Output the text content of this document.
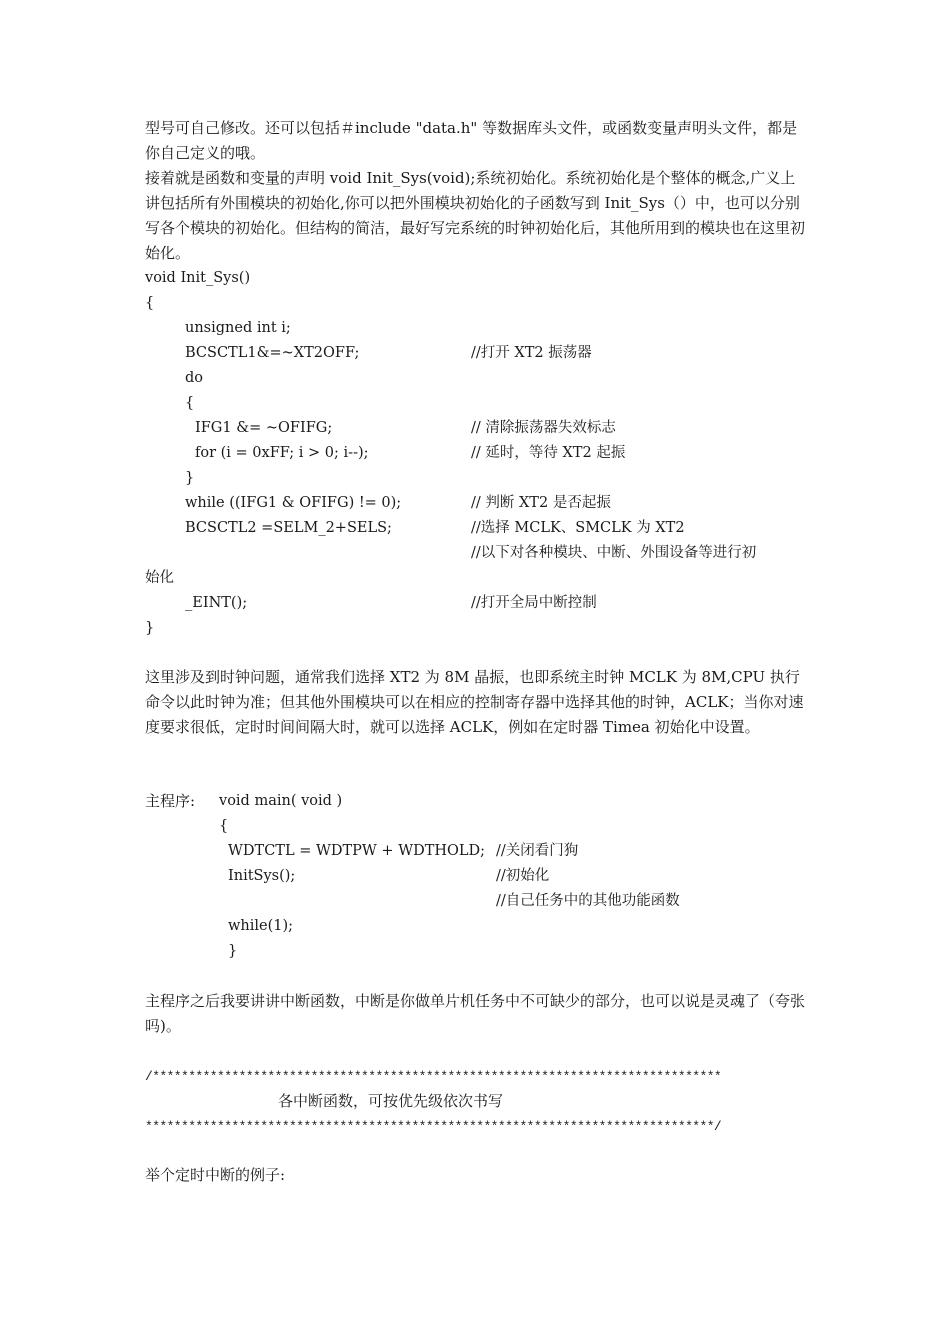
型号可自己修改。还可以包括＃include "data.h" 等数据库头文件，或函数变量声明头文件，都是你自己定义的哦。

接着就是函数和变量的声明 void Init_Sys(void);系统初始化。系统初始化是个整体的概念,广义上讲包括所有外围模块的初始化,你可以把外围模块初始化的子函数写到 Init_Sys（）中，也可以分别写各个模块的初始化。但结构的简洁，最好写完系统的时钟初始化后，其他所用到的模块也在这里初始化。

void Init_Sys()
{
unsigned int i;
BCSCTL1&=~XT2OFF;	//打开 XT2 振荡器
do
{
IFG1 &= ~OFIFG;	// 清除振荡器失效标志
for (i = 0xFF; i > 0; i--);	// 延时，等待 XT2 起振
}
while ((IFG1 & OFIFG) != 0);	// 判断 XT2 是否起振
BCSCTL2 =SELM_2+SELS;	//选择 MCLK、SMCLK 为 XT2
//以下对各种模块、中断、外围设备等进行初
始化
_EINT();	//打开全局中断控制
}

这里涉及到时钟问题，通常我们选择 XT2 为 8M 晶振，也即系统主时钟 MCLK 为 8M,CPU 执行命令以此时钟为准；但其他外围模块可以在相应的控制寄存器中选择其他的时钟，ACLK；当你对速度要求很低，定时时间间隔大时，就可以选择 ACLK，例如在定时器 Timea 初始化中设置。

主程序: void main( void )
{
WDTCTL = WDTPW + WDTHOLD; //关闭看门狗
InitSys();	//初始化
//自己任务中的其他功能函数
while(1);
}

主程序之后我要讲讲中断函数，中断是你做单片机任务中不可缺少的部分，也可以说是灵魂了（夸张吗)。

/*******************************************************************************
各中断函数，可按优先级依次书写
*******************************************************************************/
举个定时中断的例子:
